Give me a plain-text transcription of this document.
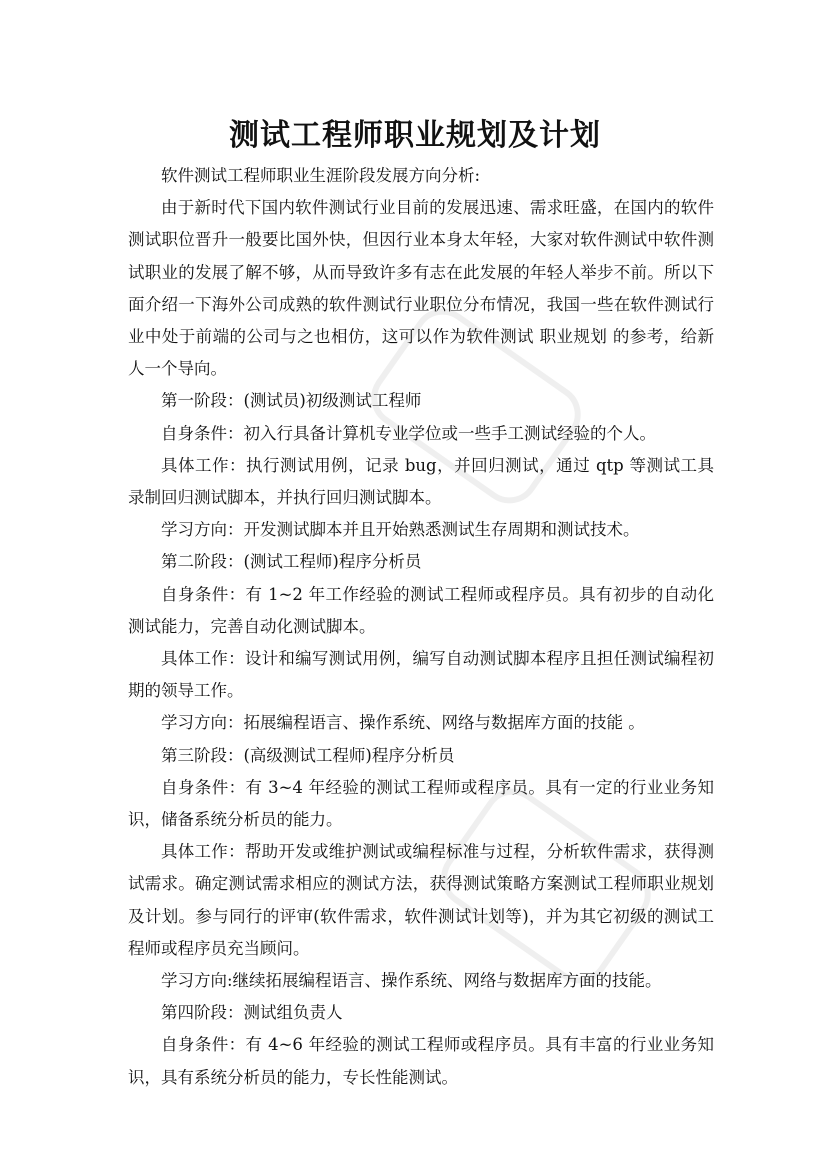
测试工程师职业规划及计划

软件测试工程师职业生涯阶段发展方向分析:

由于新时代下国内软件测试行业目前的发展迅速、需求旺盛，在国内的软件测试职位晋升一般要比国外快，但因行业本身太年轻，大家对软件测试中软件测试职业的发展了解不够，从而导致许多有志在此发展的年轻人举步不前。所以下面介绍一下海外公司成熟的软件测试行业职位分布情况，我国一些在软件测试行业中处于前端的公司与之也相仿，这可以作为软件测试 职业规划 的参考，给新人一个导向。

第一阶段：(测试员)初级测试工程师

自身条件：初入行具备计算机专业学位或一些手工测试经验的个人。

具体工作：执行测试用例，记录 bug，并回归测试，通过 qtp 等测试工具录制回归测试脚本，并执行回归测试脚本。

学习方向：开发测试脚本并且开始熟悉测试生存周期和测试技术。

第二阶段：(测试工程师)程序分析员

自身条件：有 1~2 年工作经验的测试工程师或程序员。具有初步的自动化测试能力，完善自动化测试脚本。

具体工作：设计和编写测试用例，编写自动测试脚本程序且担任测试编程初期的领导工作。

学习方向：拓展编程语言、操作系统、网络与数据库方面的技能 。

第三阶段：(高级测试工程师)程序分析员

自身条件：有 3~4 年经验的测试工程师或程序员。具有一定的行业业务知识，储备系统分析员的能力。

具体工作：帮助开发或维护测试或编程标准与过程，分析软件需求，获得测试需求。确定测试需求相应的测试方法，获得测试策略方案测试工程师职业规划及计划。参与同行的评审(软件需求，软件测试计划等)，并为其它初级的测试工程师或程序员充当顾问。

学习方向:继续拓展编程语言、操作系统、网络与数据库方面的技能。

第四阶段：测试组负责人

自身条件：有 4~6 年经验的测试工程师或程序员。具有丰富的行业业务知识，具有系统分析员的能力，专长性能测试。
